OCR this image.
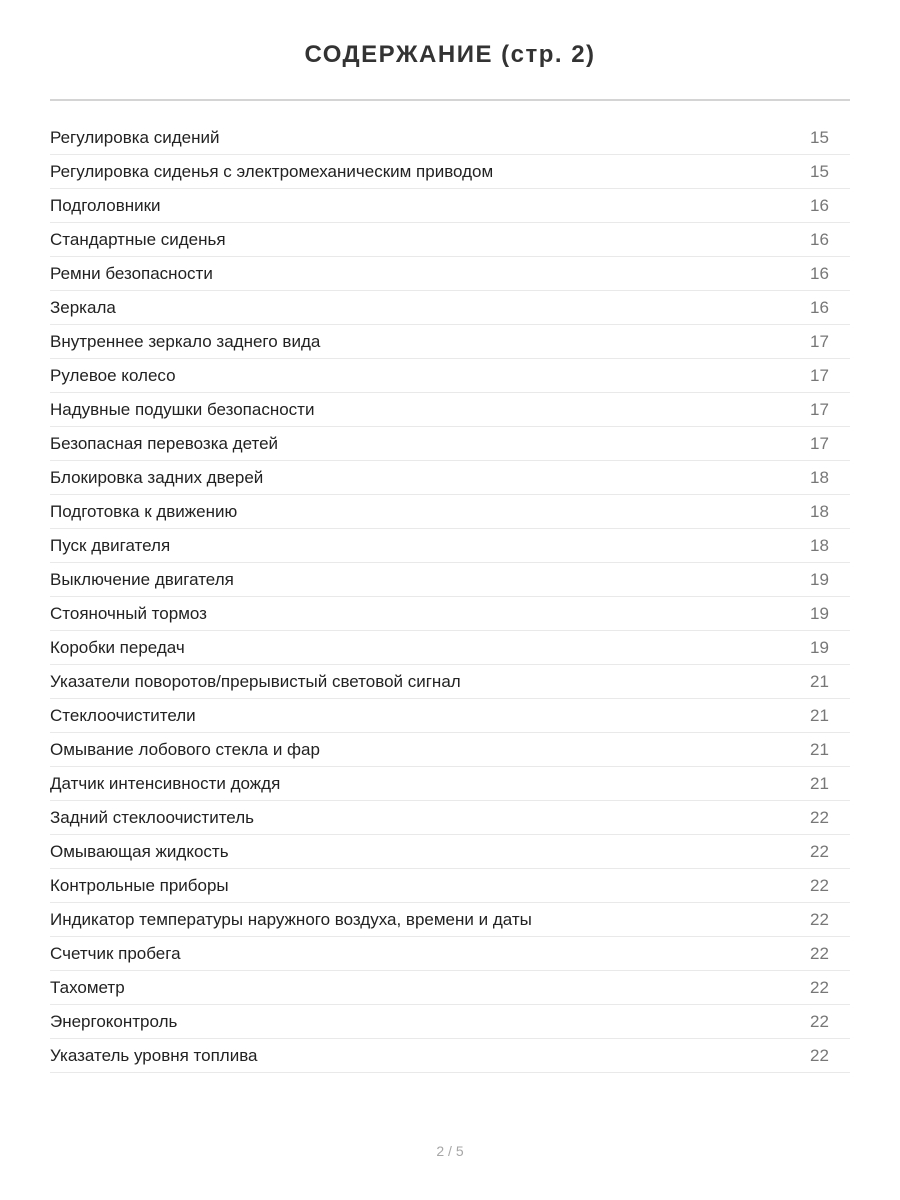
СОДЕРЖАНИЕ (стр. 2)
Регулировка сидений	15
Регулировка сиденья с электромеханическим приводом	15
Подголовники	16
Стандартные сиденья	16
Ремни безопасности	16
Зеркала	16
Внутреннее зеркало заднего вида	17
Рулевое колесо	17
Надувные подушки безопасности	17
Безопасная перевозка детей	17
Блокировка задних дверей	18
Подготовка к движению	18
Пуск двигателя	18
Выключение двигателя	19
Стояночный тормоз	19
Коробки передач	19
Указатели поворотов/прерывистый световой сигнал	21
Стеклоочистители	21
Омывание лобового стекла и фар	21
Датчик интенсивности дождя	21
Задний стеклоочиститель	22
Омывающая жидкость	22
Контрольные приборы	22
Индикатор температуры наружного воздуха, времени и даты	22
Счетчик пробега	22
Тахометр	22
Энергоконтроль	22
Указатель уровня топлива	22
2 / 5
